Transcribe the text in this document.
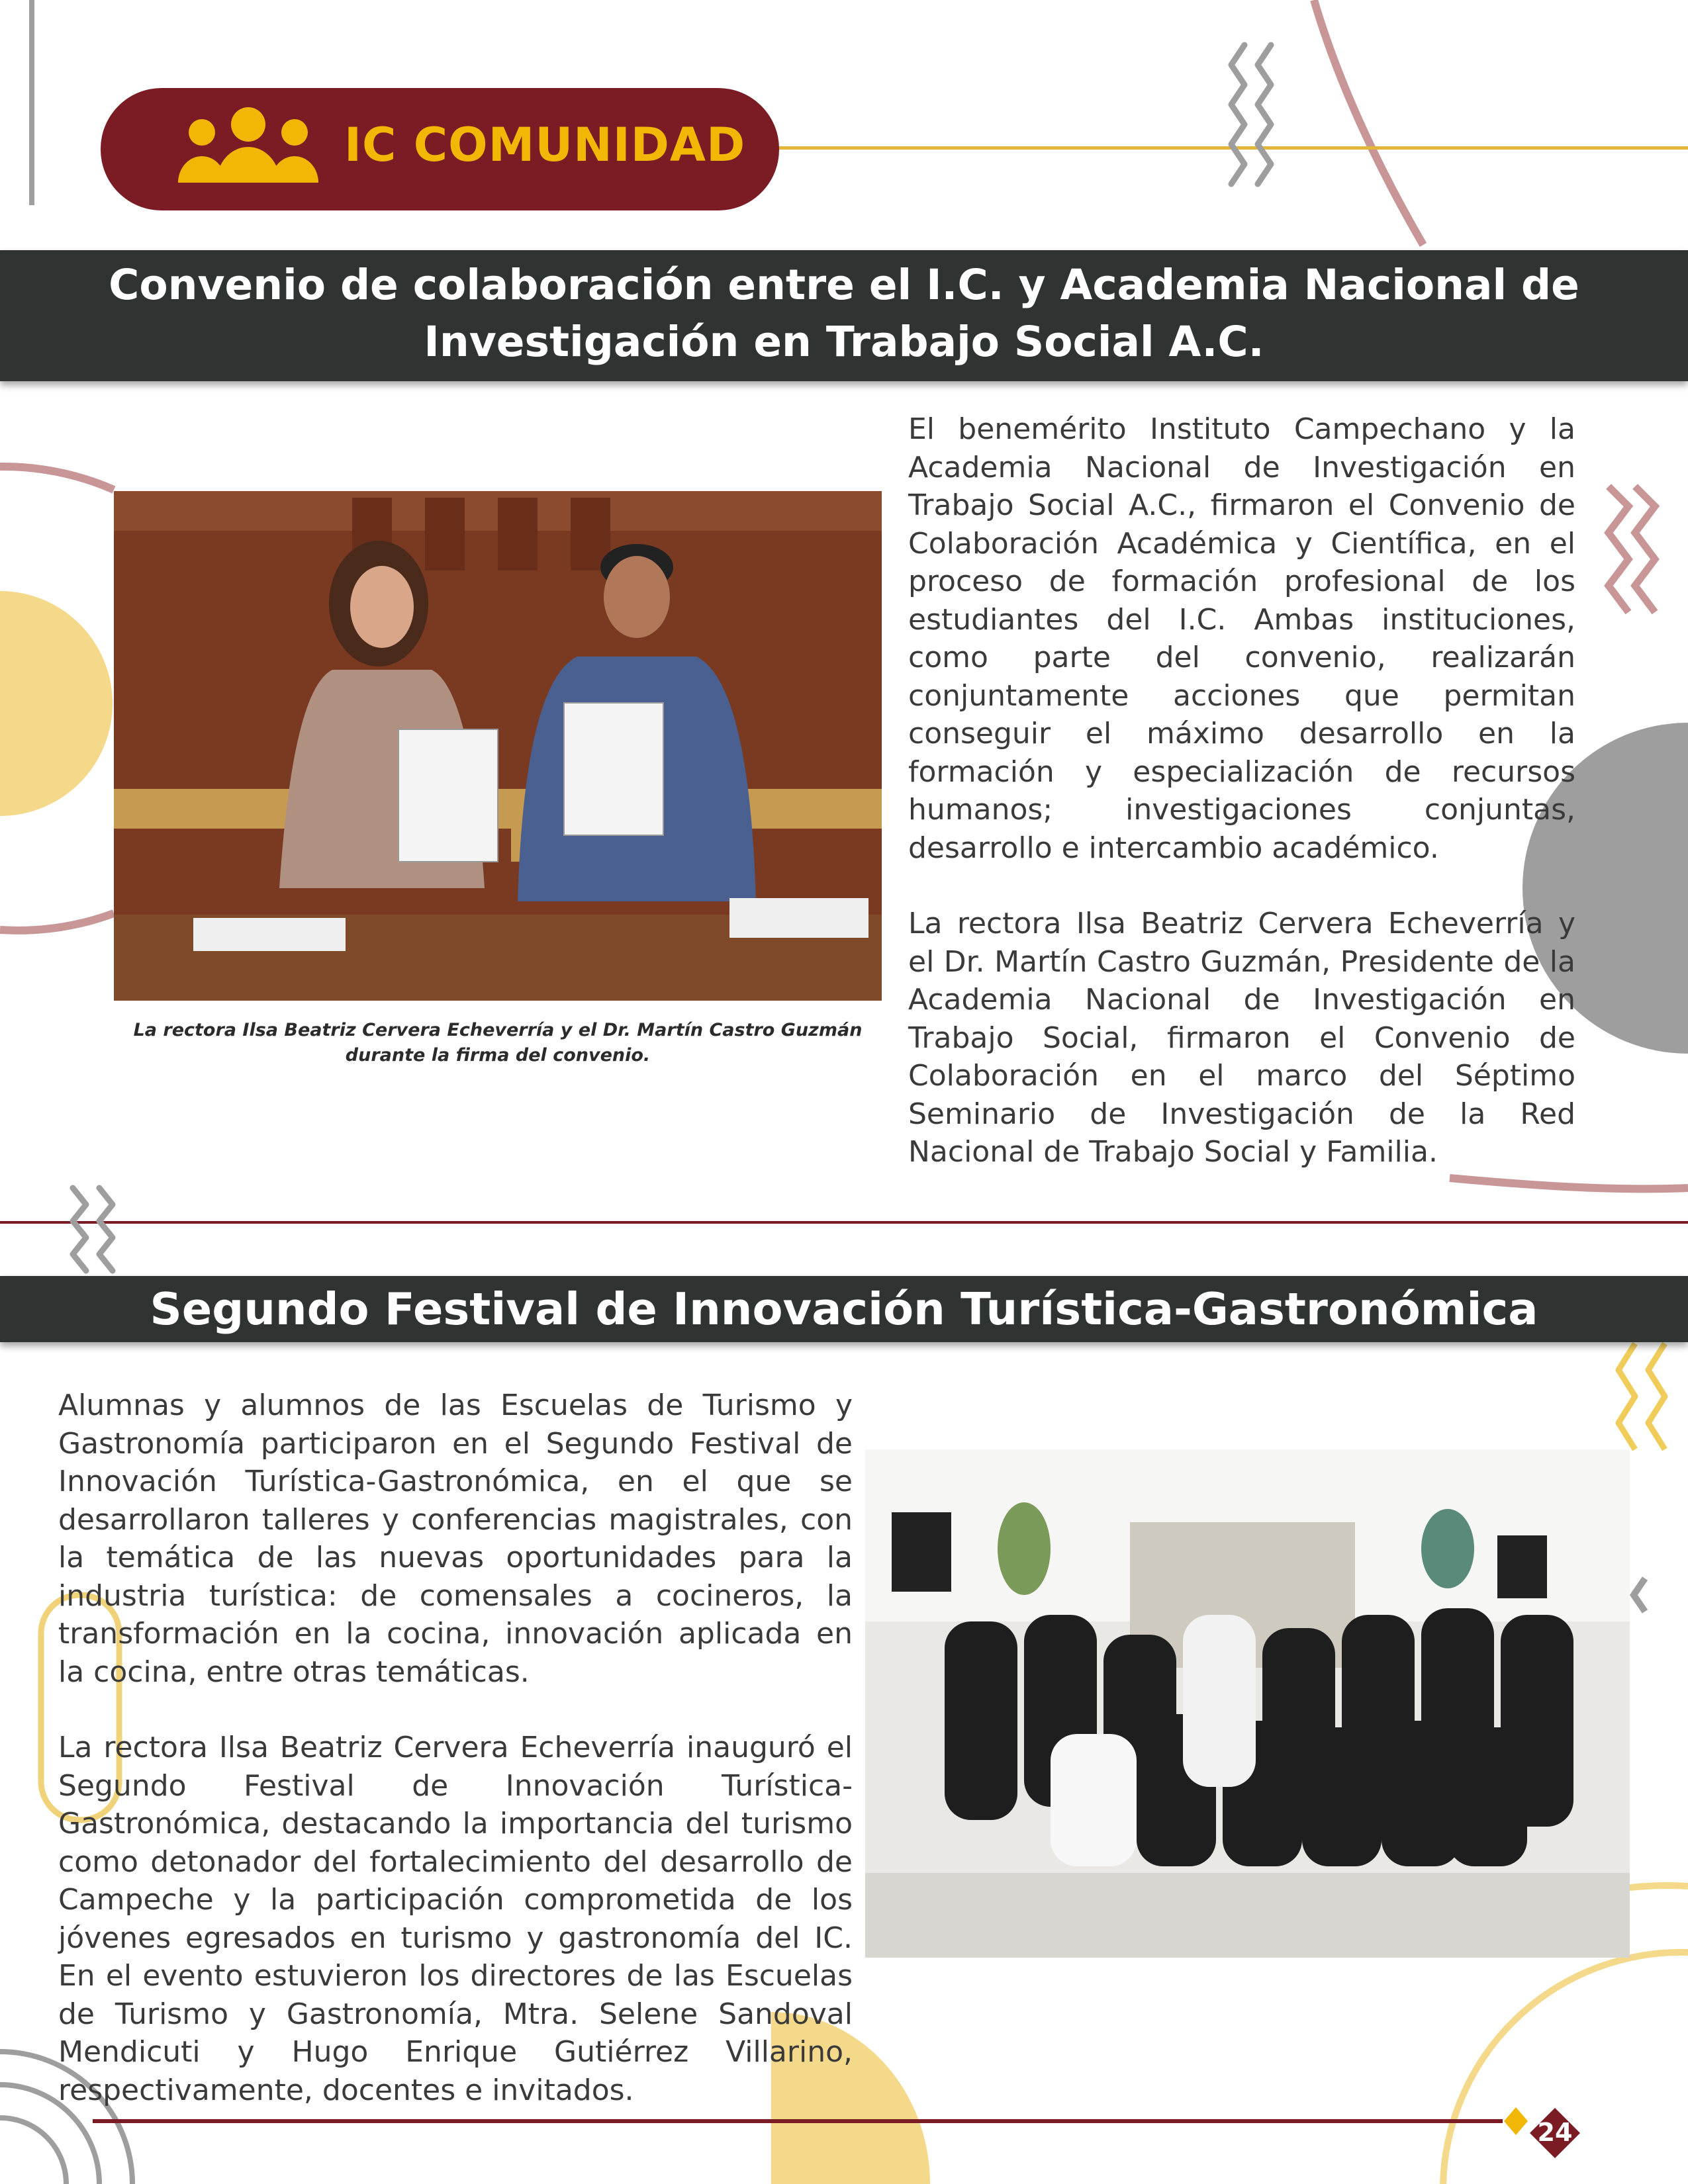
IC COMUNIDAD
Convenio de colaboración entre el I.C. y Academia Nacional de Investigación en Trabajo Social A.C.
La rectora Ilsa Beatriz Cervera Echeverría y el Dr. Martín Castro Guzmán durante la firma del convenio.

El benemérito Instituto Campechano y la Academia Nacional de Investigación en Trabajo Social A.C., firmaron el Convenio de Colaboración Académica y Científica, en el proceso de formación profesional de los estudiantes del I.C. Ambas instituciones, como parte del convenio, realizarán conjuntamente acciones que permitan conseguir el máximo desarrollo en la formación y especialización de recursos humanos; investigaciones conjuntas, desarrollo e intercambio académico.

La rectora Ilsa Beatriz Cervera Echeverría y el Dr. Martín Castro Guzmán, Presidente de la Academia Nacional de Investigación en Trabajo Social, firmaron el Convenio de Colaboración en el marco del Séptimo Seminario de Investigación de la Red Nacional de Trabajo Social y Familia.

Segundo Festival de Innovación Turística-Gastronómica

Alumnas y alumnos de las Escuelas de Turismo y Gastronomía participaron en el Segundo Festival de Innovación Turística-Gastronómica, en el que se desarrollaron talleres y conferencias magistrales, con la temática de las nuevas oportunidades para la industria turística: de comensales a cocineros, la transformación en la cocina, innovación aplicada en la cocina, entre otras temáticas.

La rectora Ilsa Beatriz Cervera Echeverría inauguró el Segundo Festival de Innovación Turística-Gastronómica, destacando la importancia del turismo como detonador del fortalecimiento del desarrollo de Campeche y la participación comprometida de los jóvenes egresados en turismo y gastronomía del IC. En el evento estuvieron los directores de las Escuelas de Turismo y Gastronomía, Mtra. Selene Sandoval Mendicuti y Hugo Enrique Gutiérrez Villarino, respectivamente, docentes e invitados.

24
